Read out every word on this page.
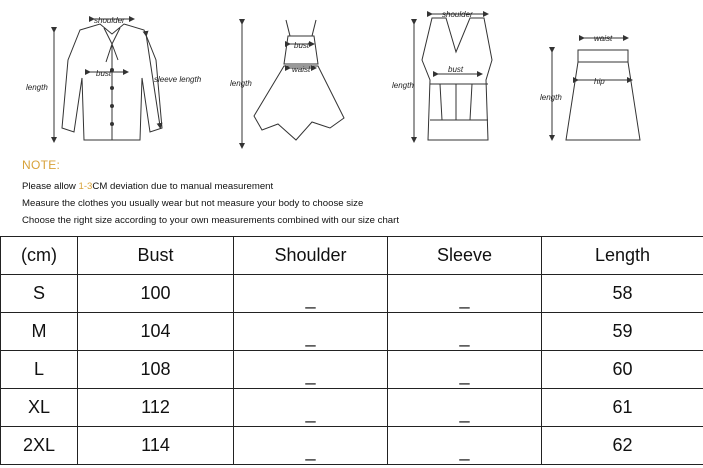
shoulder
bust
sleeve length
length
bust
waist
length
shoulder
bust
length
waist
hip
length
NOTE:
Please allow 1-3CM deviation due to manual measurement
Measure the clothes you usually wear but not measure your body to choose size
Choose the right size according to your own measurements combined with our size chart
(cm)	Bust	Shoulder	Sleeve	Length
S	100	_	_	58
M	104	_	_	59
L	108	_	_	60
XL	112	_	_	61
2XL	114	_	_	62
